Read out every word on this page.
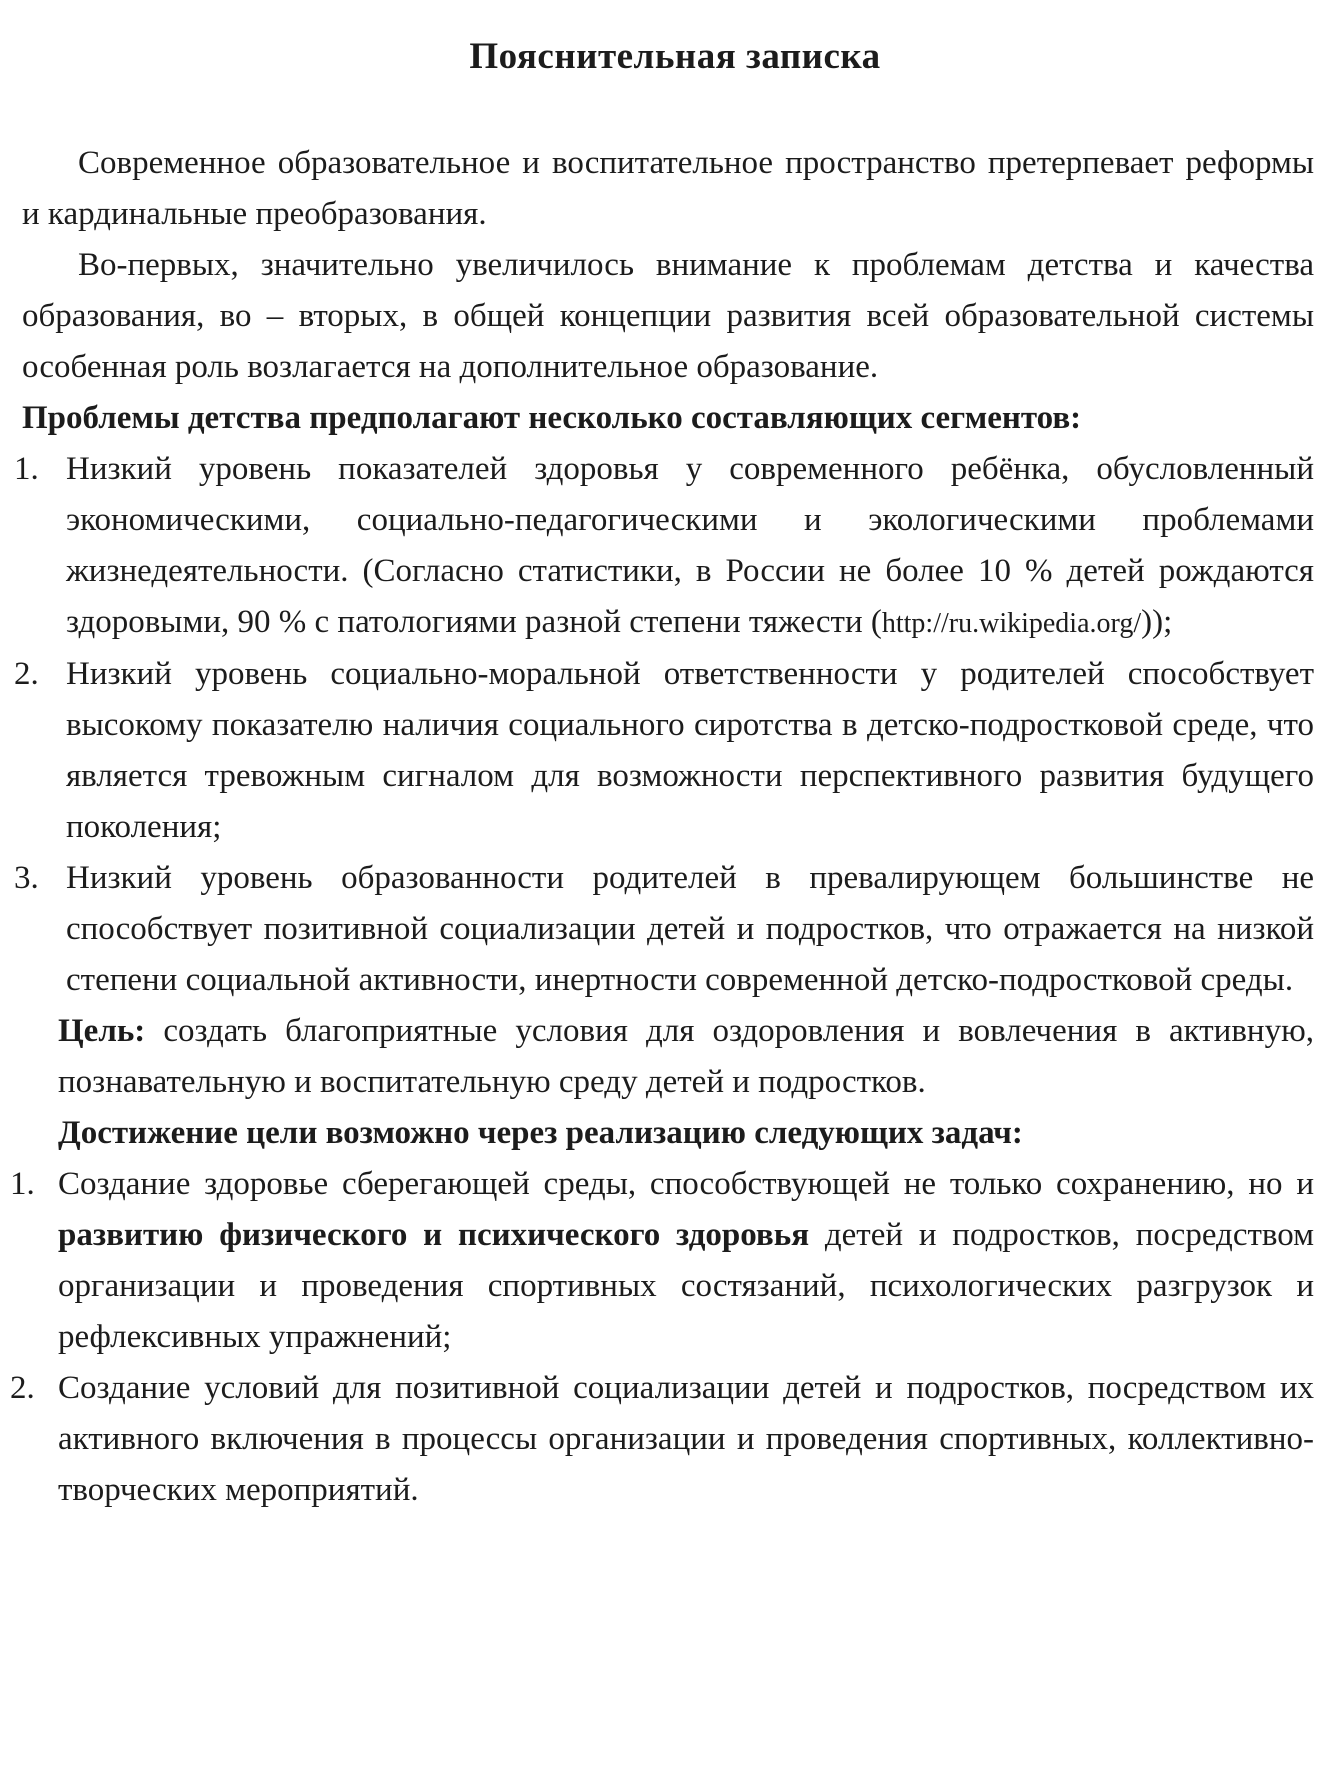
Пояснительная записка

Современное образовательное и воспитательное пространство претерпевает реформы и кардинальные преобразования.

Во-первых, значительно увеличилось внимание к проблемам детства и качества образования, во – вторых, в общей концепции развития всей образовательной системы особенная роль возлагается на дополнительное образование.

Проблемы детства предполагают несколько составляющих сегментов:

1. Низкий уровень показателей здоровья у современного ребёнка, обусловленный экономическими, социально-педагогическими и экологическими проблемами жизнедеятельности. (Согласно статистики, в России не более 10 % детей рождаются здоровыми, 90 % с патологиями разной степени тяжести (http://ru.wikipedia.org/));
2. Низкий уровень социально-моральной ответственности у родителей способствует высокому показателю наличия социального сиротства в детско-подростковой среде, что является тревожным сигналом для возможности перспективного развития будущего поколения;
3. Низкий уровень образованности родителей в превалирующем большинстве не способствует позитивной социализации детей и подростков, что отражается на низкой степени социальной активности, инертности современной детско-подростковой среды.

Цель: создать благоприятные условия для оздоровления и вовлечения в активную, познавательную и воспитательную среду детей и подростков.

Достижение цели возможно через реализацию следующих задач:

1. Создание здоровье сберегающей среды, способствующей не только сохранению, но и развитию физического и психического здоровья детей и подростков, посредством организации и проведения спортивных состязаний, психологических разгрузок и рефлексивных упражнений;
2. Создание условий для позитивной социализации детей и подростков, посредством их активного включения в процессы организации и проведения спортивных, коллективно-творческих мероприятий.
